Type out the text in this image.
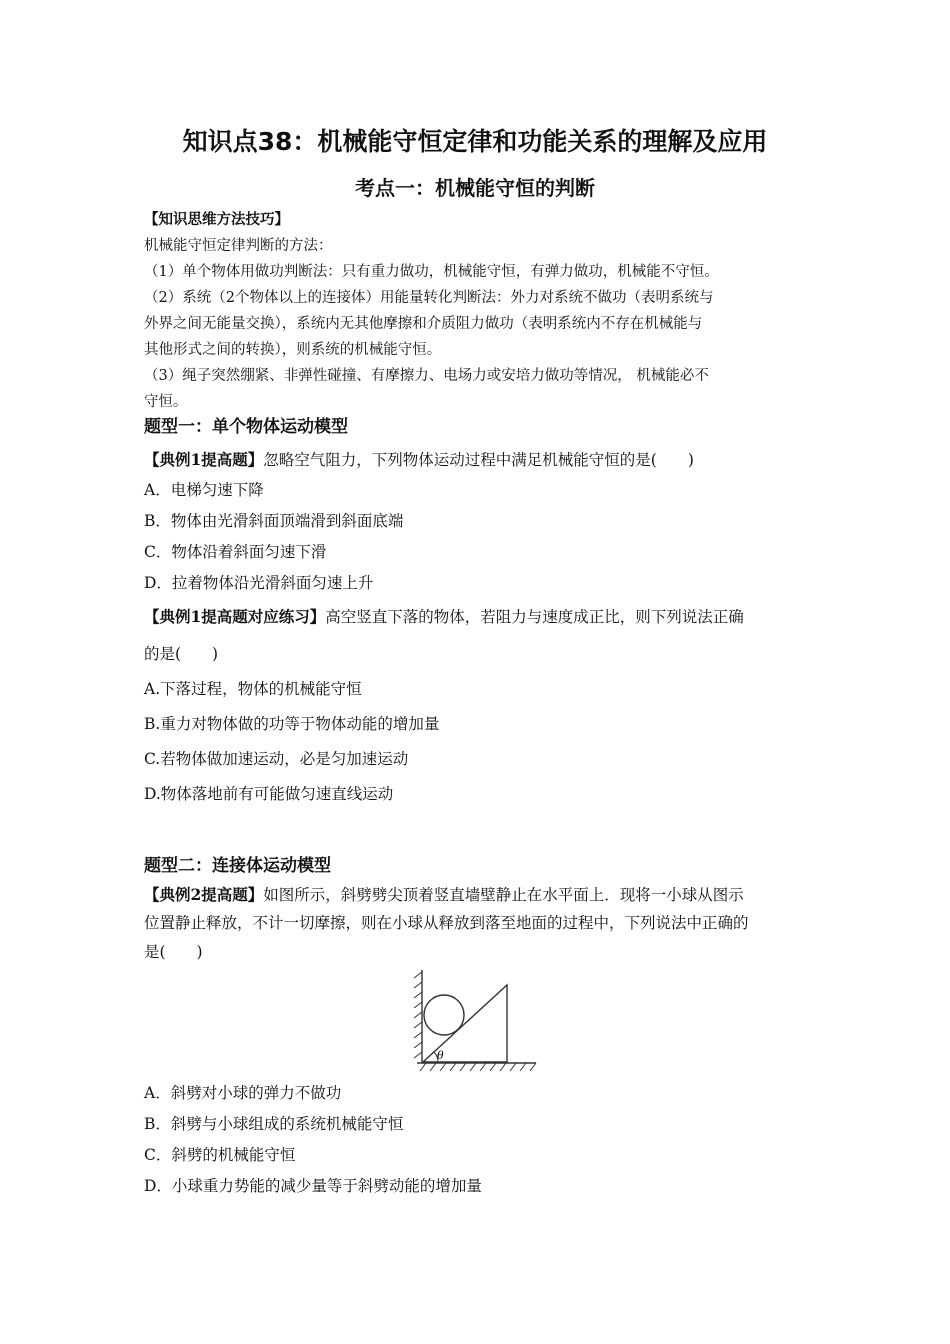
知识点38：机械能守恒定律和功能关系的理解及应用
考点一：机械能守恒的判断
【知识思维方法技巧】
机械能守恒定律判断的方法：
（1）单个物体用做功判断法：只有重力做功，机械能守恒，有弹力做功，机械能不守恒。
（2）系统（2个物体以上的连接体）用能量转化判断法：外力对系统不做功（表明系统与
外界之间无能量交换），系统内无其他摩擦和介质阻力做功（表明系统内不存在机械能与
其他形式之间的转换），则系统的机械能守恒。
（3）绳子突然绷紧、非弹性碰撞、有摩擦力、电场力或安培力做功等情况， 机械能必不
守恒。
题型一：单个物体运动模型
【典例1提高题】忽略空气阻力，下列物体运动过程中满足机械能守恒的是(　　)
A．电梯匀速下降
B．物体由光滑斜面顶端滑到斜面底端
C．物体沿着斜面匀速下滑
D．拉着物体沿光滑斜面匀速上升
【典例1提高题对应练习】高空竖直下落的物体，若阻力与速度成正比，则下列说法正确
的是(　　)
A.下落过程，物体的机械能守恒
B.重力对物体做的功等于物体动能的增加量
C.若物体做加速运动，必是匀加速运动
D.物体落地前有可能做匀速直线运动
题型二：连接体运动模型
【典例2提高题】如图所示，斜劈劈尖顶着竖直墙壁静止在水平面上．现将一小球从图示
位置静止释放，不计一切摩擦，则在小球从释放到落至地面的过程中，下列说法中正确的
是(　　)
θ
A．斜劈对小球的弹力不做功
B．斜劈与小球组成的系统机械能守恒
C．斜劈的机械能守恒
D．小球重力势能的减少量等于斜劈动能的增加量
